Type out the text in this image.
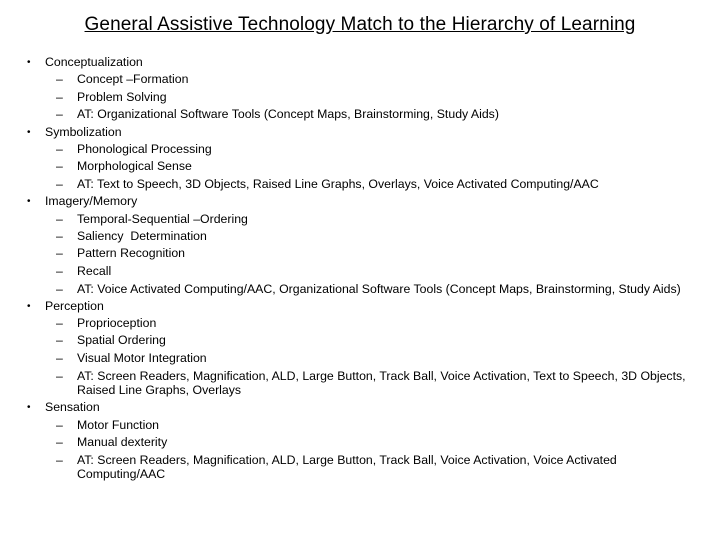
General Assistive Technology Match to the Hierarchy of Learning
• Conceptualization
– Concept –Formation
– Problem Solving
– AT: Organizational Software Tools (Concept Maps, Brainstorming, Study Aids)
• Symbolization
– Phonological Processing
– Morphological Sense
– AT: Text to Speech, 3D Objects, Raised Line Graphs, Overlays, Voice Activated Computing/AAC
• Imagery/Memory
– Temporal-Sequential –Ordering
– Saliency  Determination
– Pattern Recognition
– Recall
– AT: Voice Activated Computing/AAC, Organizational Software Tools (Concept Maps, Brainstorming, Study Aids)
• Perception
– Proprioception
– Spatial Ordering
– Visual Motor Integration
– AT: Screen Readers, Magnification, ALD, Large Button, Track Ball, Voice Activation, Text to Speech, 3D Objects, Raised Line Graphs, Overlays
• Sensation
– Motor Function
– Manual dexterity
– AT: Screen Readers, Magnification, ALD, Large Button, Track Ball, Voice Activation, Voice Activated Computing/AAC
